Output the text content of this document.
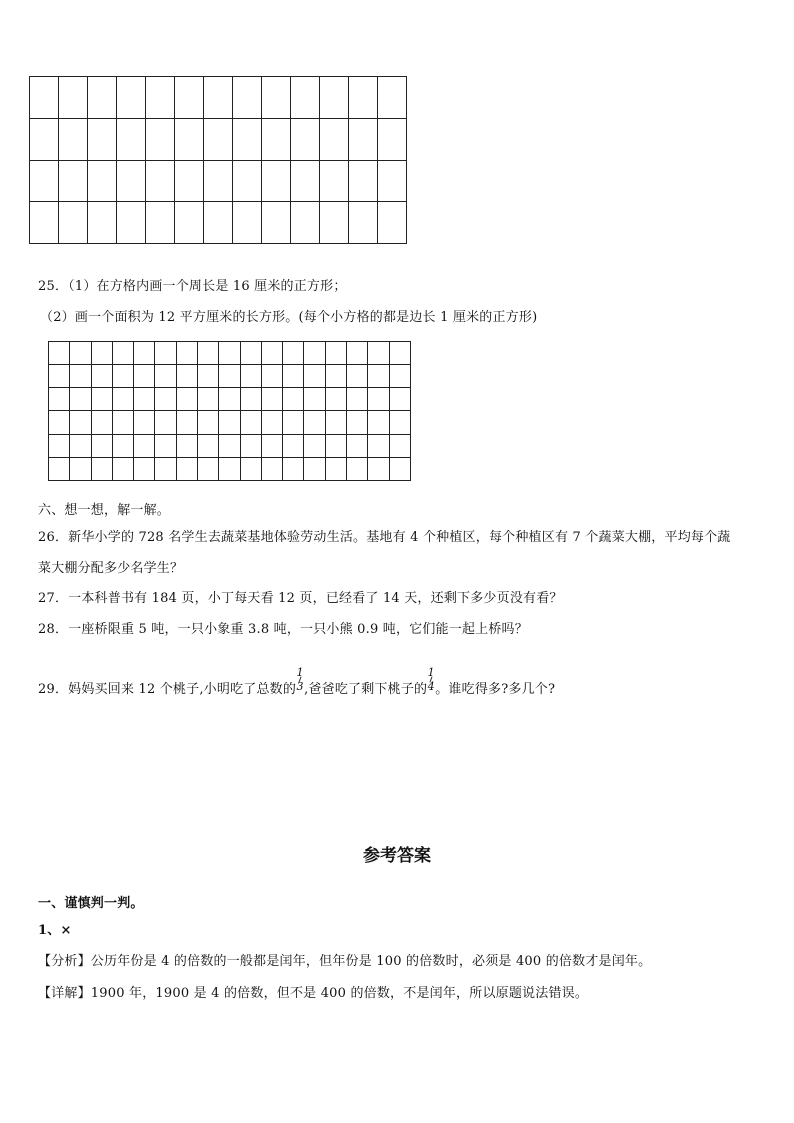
25．（1）在方格内画一个周长是 16 厘米的正方形；
（2）画一个面积为 12 平方厘米的长方形。(每个小方格的都是边长 1 厘米的正方形)

六、想一想，解一解。
26．新华小学的 728 名学生去蔬菜基地体验劳动生活。基地有 4 个种植区，每个种植区有 7 个蔬菜大棚，平均每个蔬
菜大棚分配多少名学生？
27．一本科普书有 184 页，小丁每天看 12 页，已经看了 14 天，还剩下多少页没有看？
28．一座桥限重 5 吨，一只小象重 3.8 吨，一只小熊 0.9 吨，它们能一起上桥吗？
29．妈妈买回来 12 个桃子,小明吃了总数的
1
3 ,爸爸吃了剩下桃子的
1
4 。谁吃得多?多几个?
参考答案
一、谨慎判一判。
1、×
【分析】公历年份是 4 的倍数的一般都是闰年，但年份是 100 的倍数时，必须是 400 的倍数才是闰年。
【详解】1900 年，1900 是 4 的倍数，但不是 400 的倍数，不是闰年，所以原题说法错误。
